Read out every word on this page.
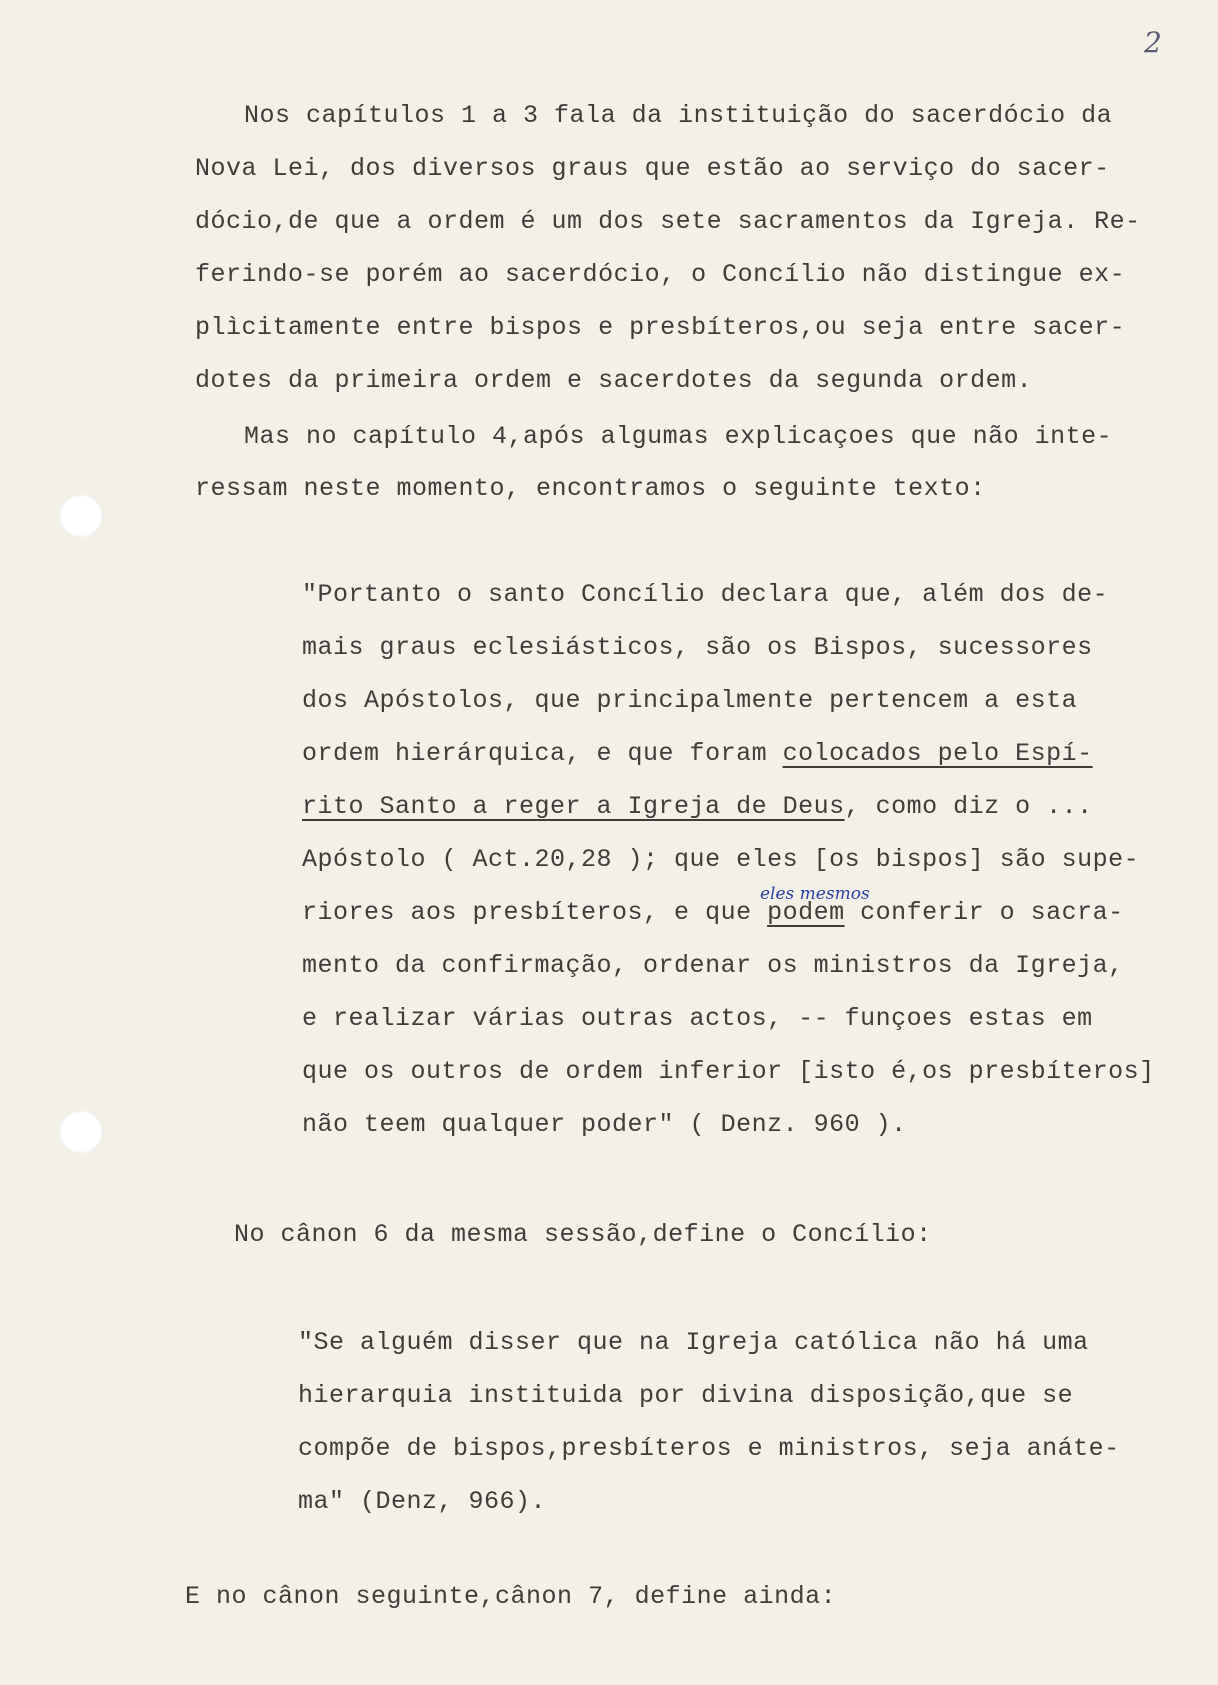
2
Nos capítulos 1 a 3 fala da instituição do sacerdócio da
Nova Lei, dos diversos graus que estão ao serviço do sacer-
dócio,de que a ordem é um dos sete sacramentos da Igreja. Re-
ferindo-se porém ao sacerdócio, o Concílio não distingue ex-
plìcitamente entre bispos e presbíteros,ou seja entre sacer-
dotes da primeira ordem e sacerdotes da segunda ordem.
Mas no capítulo 4,após algumas explicaçoes que não inte-
ressam neste momento, encontramos o seguinte texto:
"Portanto o santo Concílio declara que, além dos de-
mais graus eclesiásticos, são os Bispos, sucessores
dos Apóstolos, que principalmente pertencem a esta
ordem hierárquica, e que foram colocados pelo Espí-
rito Santo a reger a Igreja de Deus, como diz o ...
Apóstolo ( Act.20,28 ); que eles [os bispos] são supe-
riores aos presbíteros, e que podem conferir o sacra-
mento da confirmação, ordenar os ministros da Igreja,
e realizar várias outras actos, -- funçoes estas em
que os outros de ordem inferior [isto é,os presbíteros]
não teem qualquer poder" ( Denz. 960 ).
eles mesmos
No cânon 6 da mesma sessão,define o Concílio:
"Se alguém disser que na Igreja católica não há uma
hierarquia instituida por divina disposição,que se
compõe de bispos,presbíteros e ministros, seja anáte-
ma" (Denz, 966).
E no cânon seguinte,cânon 7, define ainda:
